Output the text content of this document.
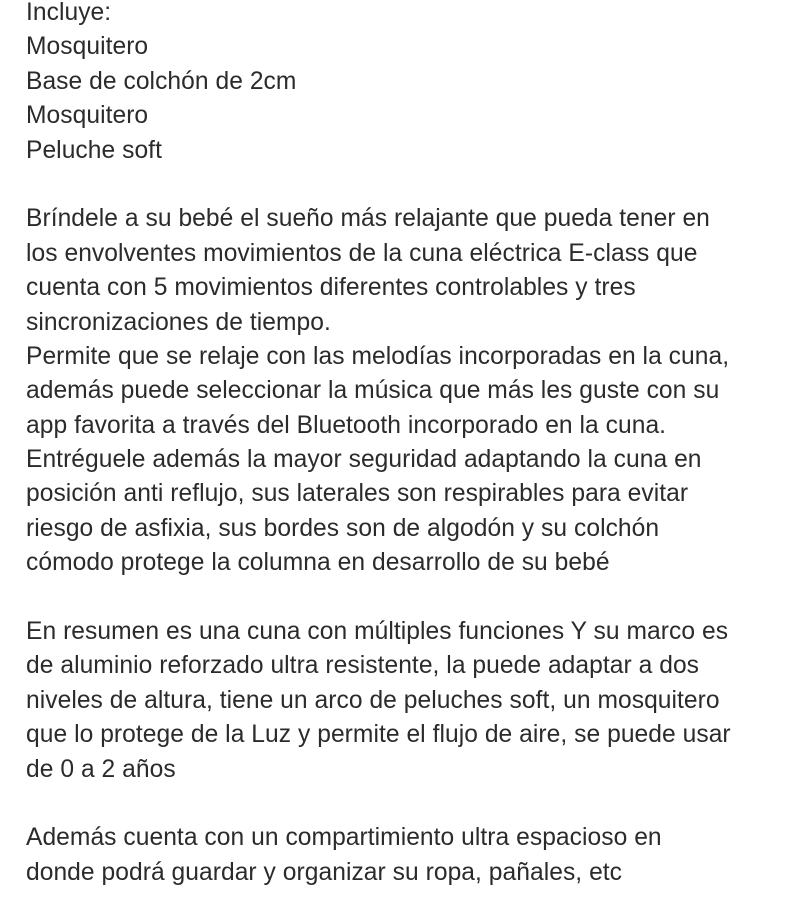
Incluye:
Mosquitero
Base de colchón de 2cm
Mosquitero
Peluche soft
Bríndele a su bebé el sueño más relajante que pueda tener en
los envolventes movimientos de la cuna eléctrica E-class que
cuenta con 5 movimientos diferentes controlables y tres
sincronizaciones de tiempo.
Permite que se relaje con las melodías incorporadas en la cuna,
además puede seleccionar la música que más les guste con su
app favorita a través del Bluetooth incorporado en la cuna.
Entréguele además la mayor seguridad adaptando la cuna en
posición anti reflujo, sus laterales son respirables para evitar
riesgo de asfixia, sus bordes son de algodón y su colchón
cómodo protege la columna en desarrollo de su bebé
En resumen es una cuna con múltiples funciones Y su marco es
de aluminio reforzado ultra resistente, la puede adaptar a dos
niveles de altura, tiene un arco de peluches soft, un mosquitero
que lo protege de la Luz y permite el flujo de aire, se puede usar
de 0 a 2 años
Además cuenta con un compartimiento ultra espacioso en
donde podrá guardar y organizar su ropa, pañales, etc
